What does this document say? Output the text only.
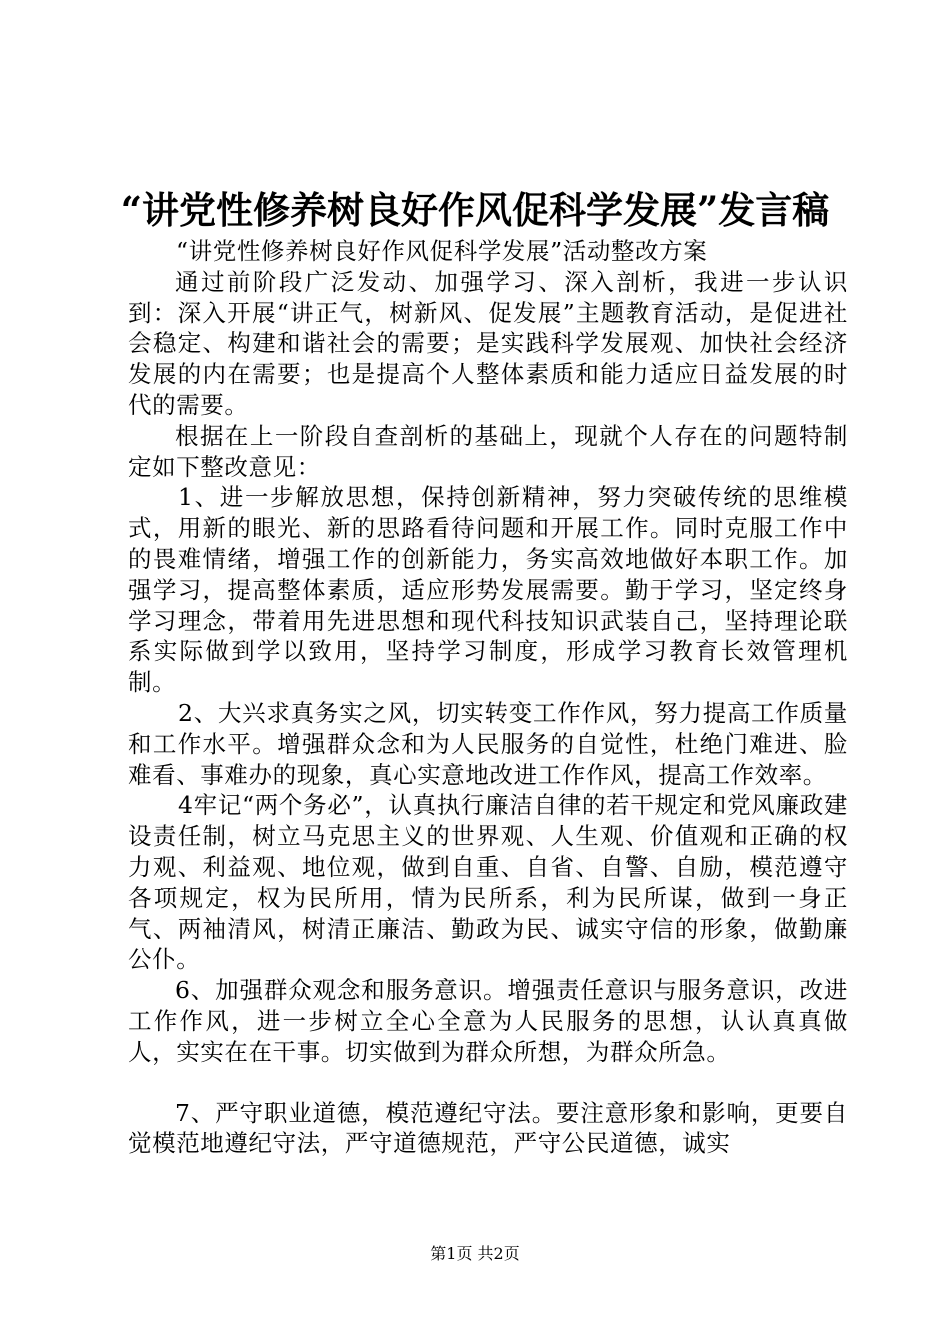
“讲党性修养树良好作风促科学发展”发言稿

“讲党性修养树良好作风促科学发展”活动整改方案

通过前阶段广泛发动、加强学习、深入剖析，我进一步认识到：深入开展“讲正气，树新风、促发展”主题教育活动，是促进社会稳定、构建和谐社会的需要；是实践科学发展观、加快社会经济发展的内在需要；也是提高个人整体素质和能力适应日益发展的时代的需要。

根据在上一阶段自查剖析的基础上，现就个人存在的问题特制定如下整改意见：

1、进一步解放思想，保持创新精神，努力突破传统的思维模式，用新的眼光、新的思路看待问题和开展工作。同时克服工作中的畏难情绪，增强工作的创新能力，务实高效地做好本职工作。加强学习，提高整体素质，适应形势发展需要。勤于学习，坚定终身学习理念，带着用先进思想和现代科技知识武装自己，坚持理论联系实际做到学以致用，坚持学习制度，形成学习教育长效管理机制。

2、大兴求真务实之风，切实转变工作作风，努力提高工作质量和工作水平。增强群众念和为人民服务的自觉性，杜绝门难进、脸难看、事难办的现象，真心实意地改进工作作风，提高工作效率。

4牢记“两个务必”，认真执行廉洁自律的若干规定和党风廉政建设责任制，树立马克思主义的世界观、人生观、价值观和正确的权力观、利益观、地位观，做到自重、自省、自警、自励，模范遵守各项规定，权为民所用，情为民所系，利为民所谋，做到一身正气、两袖清风，树清正廉洁、勤政为民、诚实守信的形象，做勤廉公仆。

6、加强群众观念和服务意识。增强责任意识与服务意识，改进工作作风，进一步树立全心全意为人民服务的思想，认认真真做人，实实在在干事。切实做到为群众所想，为群众所急。

7、严守职业道德，模范遵纪守法。要注意形象和影响，更要自觉模范地遵纪守法，严守道德规范，严守公民道德，诚实

第1页 共2页
